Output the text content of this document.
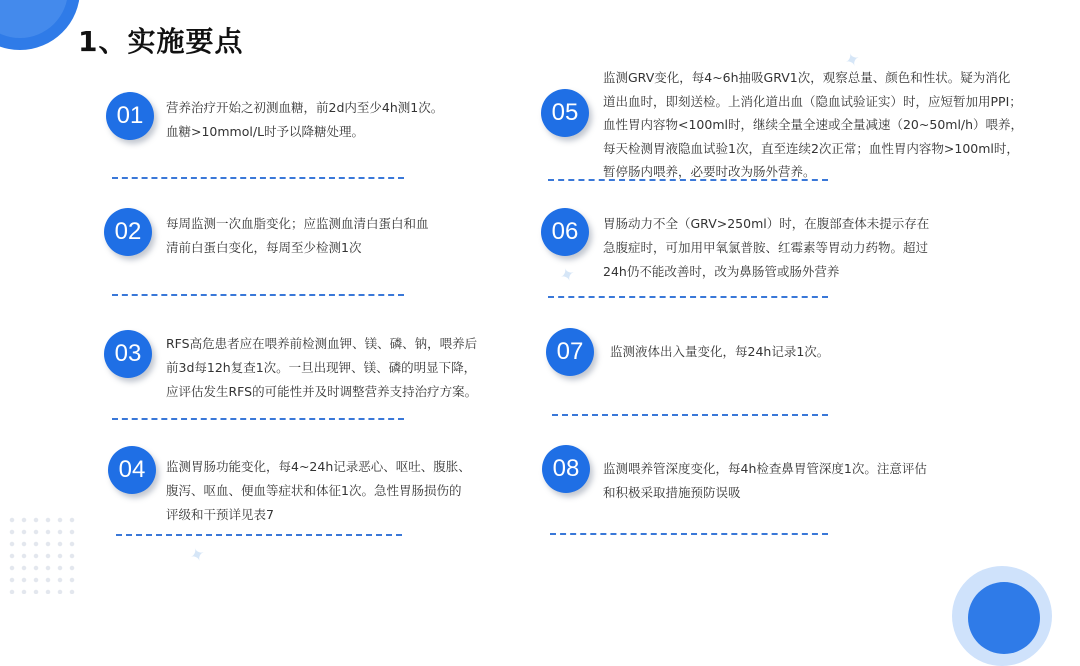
✦
✦
✦
1、实施要点
01	营养治疗开始之初测血糖，前2d内至少4h测1次。
血糖>10mmol/L时予以降糖处理。

02	每周监测一次血脂变化；应监测血清白蛋白和血
清前白蛋白变化，每周至少检测1次

03	RFS高危患者应在喂养前检测血钾、镁、磷、钠，喂养后
前3d每12h复查1次。一旦出现钾、镁、磷的明显下降，
应评估发生RFS的可能性并及时调整营养支持治疗方案。

04	监测胃肠功能变化，每4~24h记录恶心、呕吐、腹胀、
腹泻、呕血、便血等症状和体征1次。急性胃肠损伤的
评级和干预详见表7

05

监测GRV变化，每4~6h抽吸GRV1次，观察总量、颜色和性状。疑为消化
道出血时，即刻送检。上消化道出血（隐血试验证实）时，应短暂加用PPI；
血性胃内容物<100ml时，继续全量全速或全量减速（20~50ml/h）喂养，
每天检测胃液隐血试验1次，直至连续2次正常；血性胃内容物>100ml时，
暂停肠内喂养，必要时改为肠外营养。

06	胃肠动力不全（GRV>250ml）时，在腹部查体未提示存在
急腹症时，可加用甲氧氯普胺、红霉素等胃动力药物。超过
24h仍不能改善时，改为鼻肠管或肠外营养

07	监测液体出入量变化，每24h记录1次。

08	监测喂养管深度变化，每4h检查鼻胃管深度1次。注意评估
和积极采取措施预防误吸
